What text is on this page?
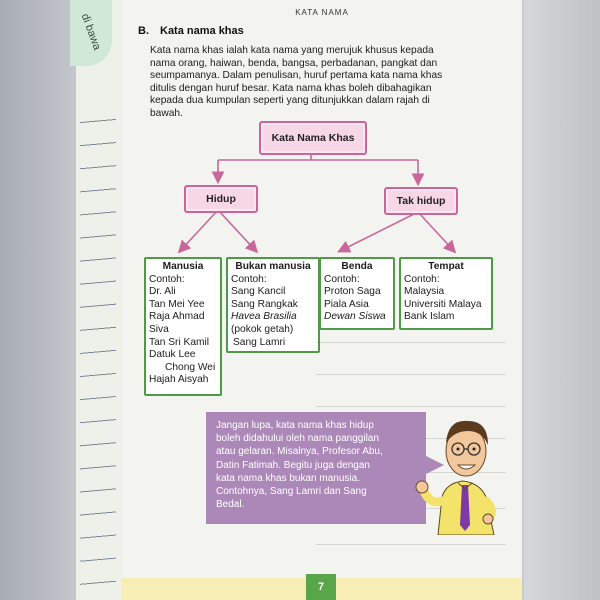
di bawa	KATA NAMA
B. Kata nama khas
Kata nama khas ialah kata nama yang merujuk khusus kepada
nama orang, haiwan, benda, bangsa, perbadanan, pangkat dan
seumpamanya. Dalam penulisan, huruf pertama kata nama khas
ditulis dengan huruf besar. Kata nama khas boleh dibahagikan
kepada dua kumpulan seperti yang ditunjukkan dalam rajah di
bawah.
Kata Nama Khas
Hidup	Tak hidup
Manusia
Contoh:
Dr. Ali
Tan Mei Yee
Raja Ahmad
Siva
Tan Sri Kamil
Datuk Lee
Chong Wei
Hajah Aisyah
Bukan manusia
Contoh:
Sang Kancil
Sang Rangkak
Havea Brasilia
(pokok getah)
Sang Lamri
Benda
Contoh:
Proton Saga
Piala Asia
Dewan Siswa
Tempat
Contoh:
Malaysia
Universiti Malaya
Bank Islam
Jangan lupa, kata nama khas hidup
boleh didahului oleh nama panggilan
atau gelaran. Misalnya, Profesor Abu,
Datin Fatimah. Begitu juga dengan
kata nama khas bukan manusia.
Contohnya, Sang Lamri dan Sang
Bedal.
7
